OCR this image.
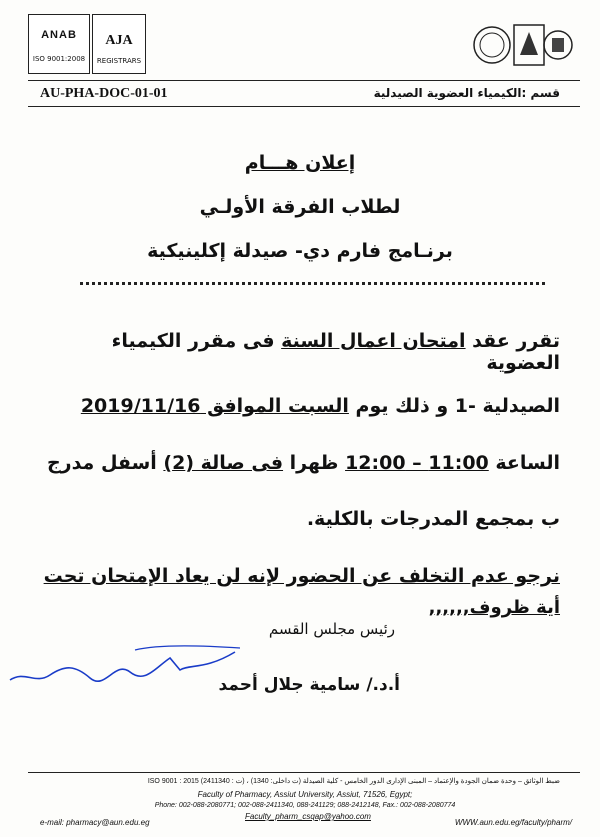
ANAB
ISO 9001:2008
AJA
REGISTRARS
AU-PHA-DOC-01-01	قسم :الكيمياء العضوية الصيدلية
إعلان هـــام
لطلاب الفرقة الأولـي
برنـامج فارم دي- صيدلة إكلينيكية
تقرر عقد امتحان اعمال السنة فى مقرر الكيمياء العضوية
الصيدلية -1 و ذلك يوم السبت الموافق 2019/11/16
الساعة 11:00 – 12:00 ظهرا فى صالة (2) أسفل مدرج
ب بمجمع المدرجات بالكلية.
نرجو عدم التخلف عن الحضور لإنه لن يعاد الإمتحان تحت
أية ظروف,,,,,,
رئيس مجلس القسم
أ.د./ سامية جلال أحمد
ضبط الوثائق – وحدة ضمان الجودة والإعتماد – المبنى الإدارى الدور الخامس - كلية الصيدلة (ت داخلى: 1340) ، (ت : 2411340) ISO 9001 : 2015
Faculty of Pharmacy, Assiut University, Assiut, 71526, Egypt;
Phone: 002-088-2080771; 002-088-2411340, 088-241129; 088-2412148, Fax.: 002-088-2080774
e-mail: pharmacy@aun.edu.eg
Faculty_pharm_csqap@yahoo.com
WWW.aun.edu.eg/faculty/pharm/
